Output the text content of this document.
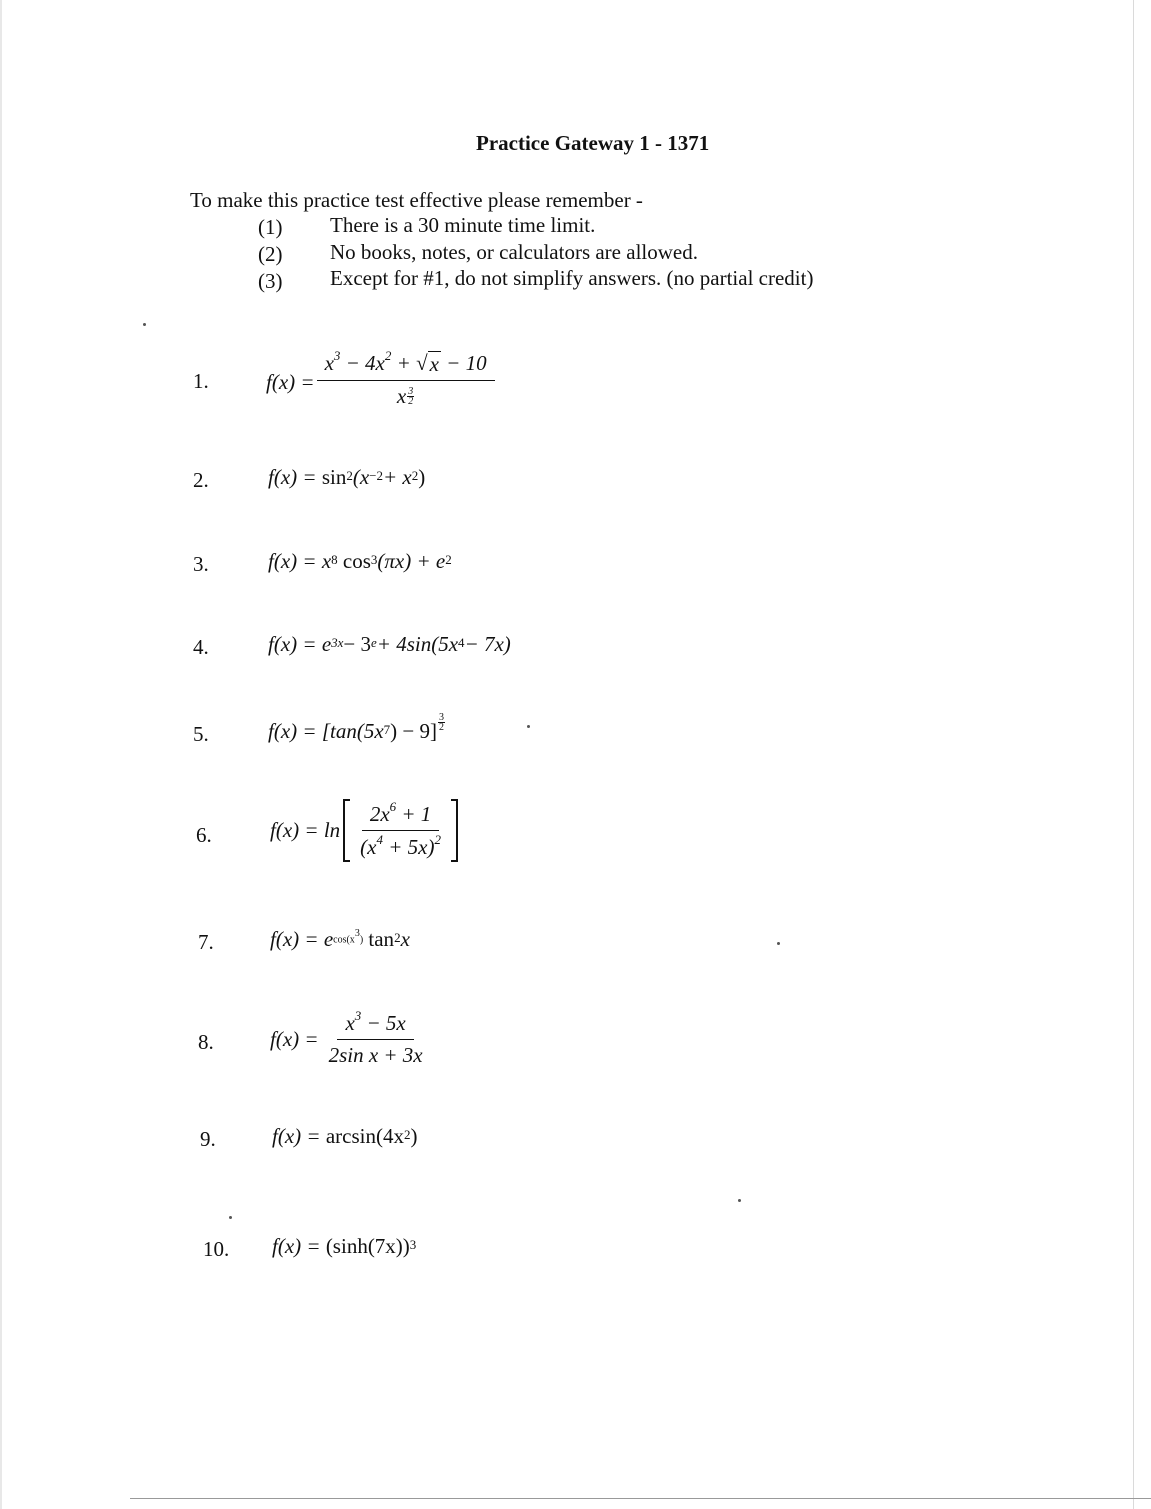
Practice Gateway 1 - 1371
To make this practice test effective please remember -
(1) There is a 30 minute time limit.
(2) No books, notes, or calculators are allowed.
(3) Except for #1, do not simplify answers. (no partial credit)
1.	$f(x) = \frac{x^3 - 4x^2 + √ x - 10}{x \frac{3}{2}}$
2.	f(x) =
$\sin^2 (x^{-2} + x^2$ )
3.	f(x) =
$x^8$
$\cos^3 (\pi x) + e^2$
4.	f(x) =
$e^{3x} - 3^e + 4\sin(5x^4 - 7x)$
5.	f(x) =
[$\tan(5x^7$ ) − $9] \frac{3}{2}$
6.	$f(x) = \ln \frac{2x^6 + 1}{(x^4 + 5x)^2}$
7.	f(x) =
e $^{cos(x^3)}$
$\tan^2 x$
8.	$f(x) = \frac{x^3 - 5x}{\text{2sin x + 3x}}$
9.	f(x) =
$\arcsin(4x^2$ )
10. f(x) =
$(\sinh(7x))^3$
